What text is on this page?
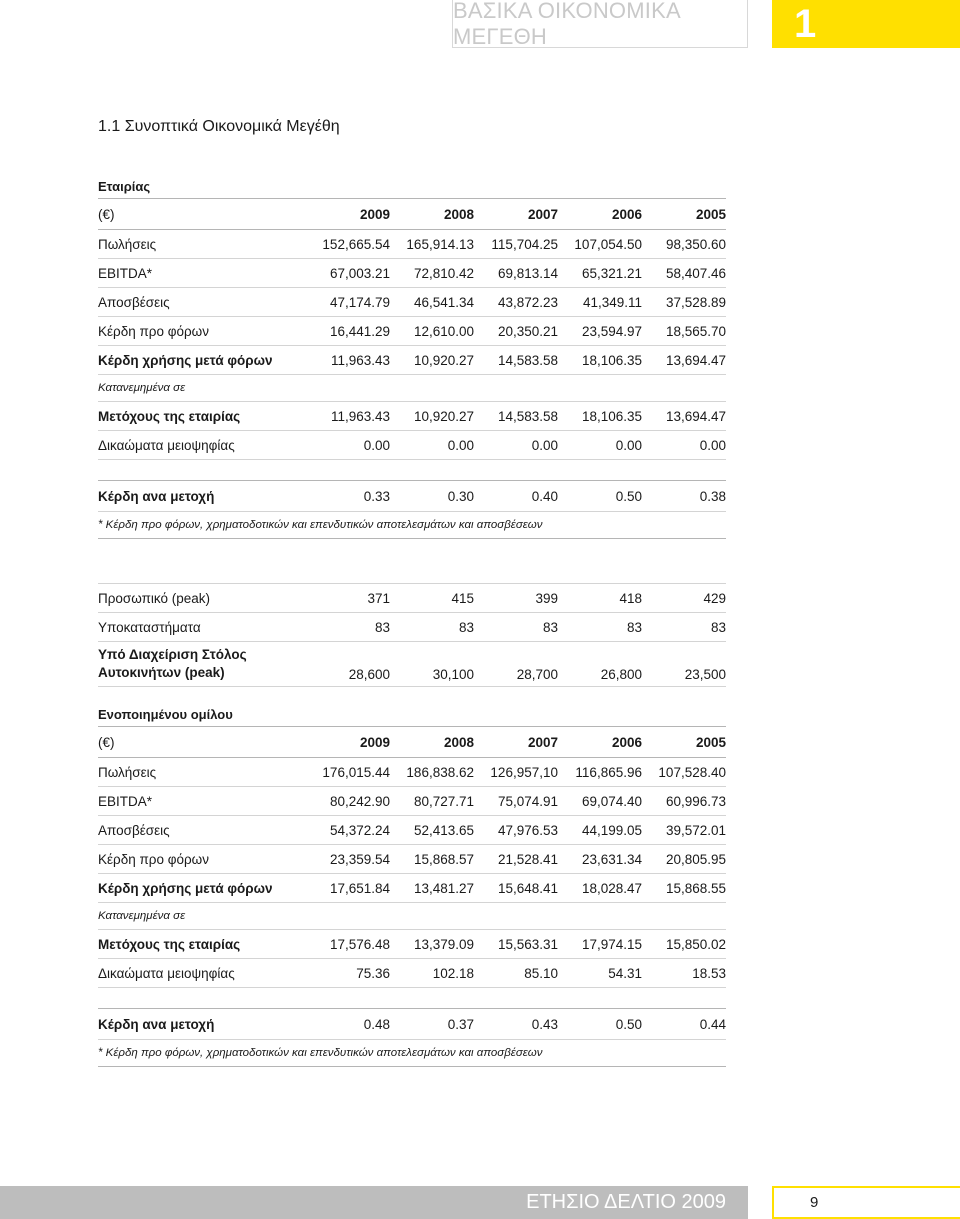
ΒΑΣΙΚΑ ΟΙΚΟΝΟΜΙΚΑ ΜΕΓΕΘΗ	1
1.1 Συνοπτικά Οικονομικά Μεγέθη
Εταιρίας
(€)	2009	2008	2007	2006	2005
Πωλήσεις	152,665.54	165,914.13	115,704.25	107,054.50	98,350.60
EBITDA*	67,003.21	72,810.42	69,813.14	65,321.21	58,407.46
Αποσβέσεις	47,174.79	46,541.34	43,872.23	41,349.11	37,528.89
Κέρδη προ φόρων	16,441.29	12,610.00	20,350.21	23,594.97	18,565.70
Κέρδη χρήσης μετά φόρων	11,963.43	10,920.27	14,583.58	18,106.35	13,694.47
Κατανεμημένα σε					
Μετόχους της εταιρίας	11,963.43	10,920.27	14,583.58	18,106.35	13,694.47
Δικαώματα μειοψηφίας	0.00	0.00	0.00	0.00	0.00

Κέρδη ανα μετοχή	0.33	0.30	0.40	0.50	0.38
* Κέρδη προ φόρων, χρηματοδοτικών και επενδυτικών αποτελεσμάτων και αποσβέσεων					

Προσωπικό (peak)	371	415	399	418	429
Υποκαταστήματα	83	83	83	83	83

Υπό Διαχείριση Στόλος
Αυτοκινήτων (peak)	28,600	30,100	28,700	26,800	23,500
Ενοποιημένου ομίλου
(€)	2009	2008	2007	2006	2005
Πωλήσεις	176,015.44	186,838.62	126,957,10	116,865.96	107,528.40
EBITDA*	80,242.90	80,727.71	75,074.91	69,074.40	60,996.73
Αποσβέσεις	54,372.24	52,413.65	47,976.53	44,199.05	39,572.01
Κέρδη προ φόρων	23,359.54	15,868.57	21,528.41	23,631.34	20,805.95
Κέρδη χρήσης μετά φόρων	17,651.84	13,481.27	15,648.41	18,028.47	15,868.55
Κατανεμημένα σε					
Μετόχους της εταιρίας	17,576.48	13,379.09	15,563.31	17,974.15	15,850.02
Δικαώματα μειοψηφίας	75.36	102.18	85.10	54.31	18.53

Κέρδη ανα μετοχή	0.48	0.37	0.43	0.50	0.44
* Κέρδη προ φόρων, χρηματοδοτικών και επενδυτικών αποτελεσμάτων και αποσβέσεων					
ΕΤΗΣΙΟ ΔΕΛΤΙΟ 2009	9
